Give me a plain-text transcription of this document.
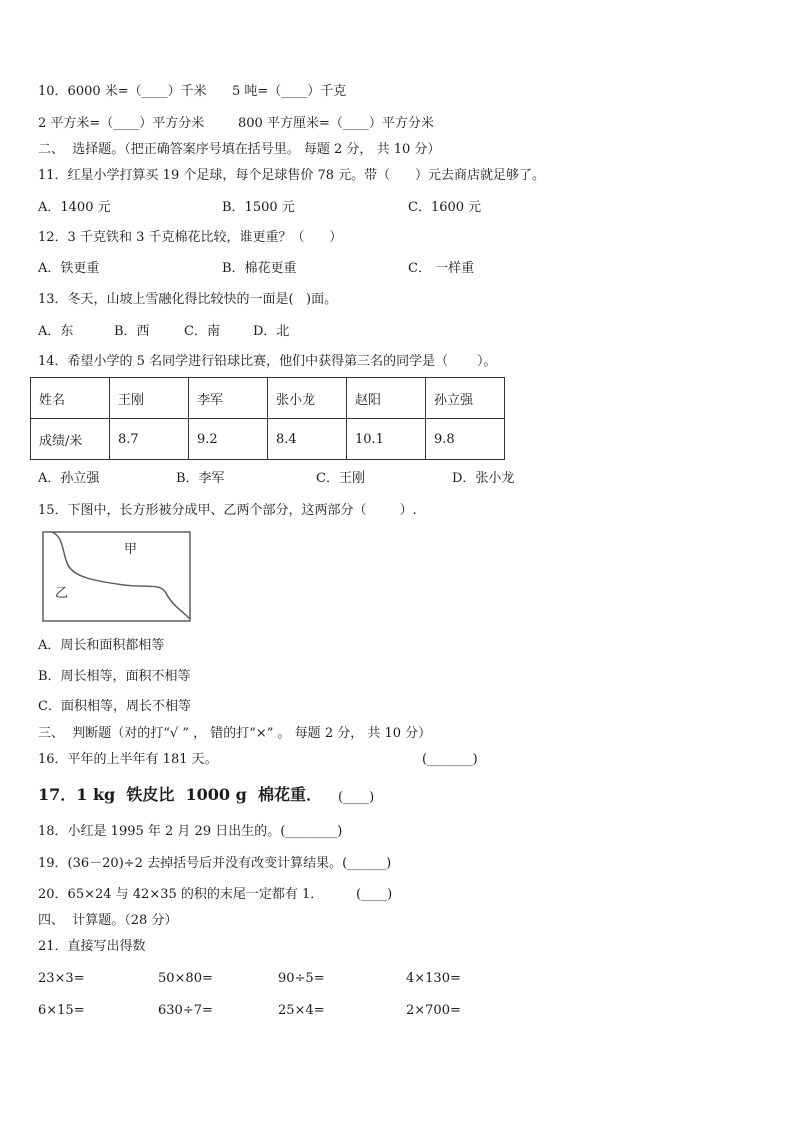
10．6000 米=（____）千米 5 吨=（____）千克
2 平方米=（____）平方分米	800 平方厘米=（____）平方分米
二、  选择题。（把正确答案序号填在括号里。 每题 2 分， 共 10 分）
11．红星小学打算买 19 个足球，每个足球售价 78 元。带（      ）元去商店就足够了。
A．1400 元	B．1500 元	C．1600 元
12．3 千克铁和 3 千克棉花比较，谁更重？（      ）
A．铁更重	B．棉花更重	C． 一样重
13．冬天，山坡上雪融化得比较快的一面是(   )面。
A．东	B．西	C．南	D．北
14．希望小学的 5 名同学进行铅球比赛，他们中获得第三名的同学是（       ）。
姓名	王刚	李军	张小龙	赵阳	孙立强
成绩/米	8.7	9.2	8.4	10.1	9.8
A．孙立强	B．李军	C．王刚	D．张小龙
15．下图中，长方形被分成甲、乙两个部分，这两部分（        ）.
甲
乙
A．周长和面积都相等
B．周长相等，面积不相等
C．面积相等，周长不相等
三、  判断题（对的打“√ ” ， 错的打“×” 。 每题 2 分， 共 10 分）
16．平年的上半年有 181 天。	(_______)
17．1 kg  铁皮比  1000 g  棉花重． (____)
18．小红是 1995 年 2 月 29 日出生的。(________)
19．(36－20)÷2 去掉括号后并没有改变计算结果。(______)
20．65×24 与 42×35 的积的末尾一定都有 1．	(____)
四、  计算题。（28 分）
21．直接写出得数
23×3=	50×80=	90÷5=	4×130=
6×15=	630÷7=	25×4=	2×700=
